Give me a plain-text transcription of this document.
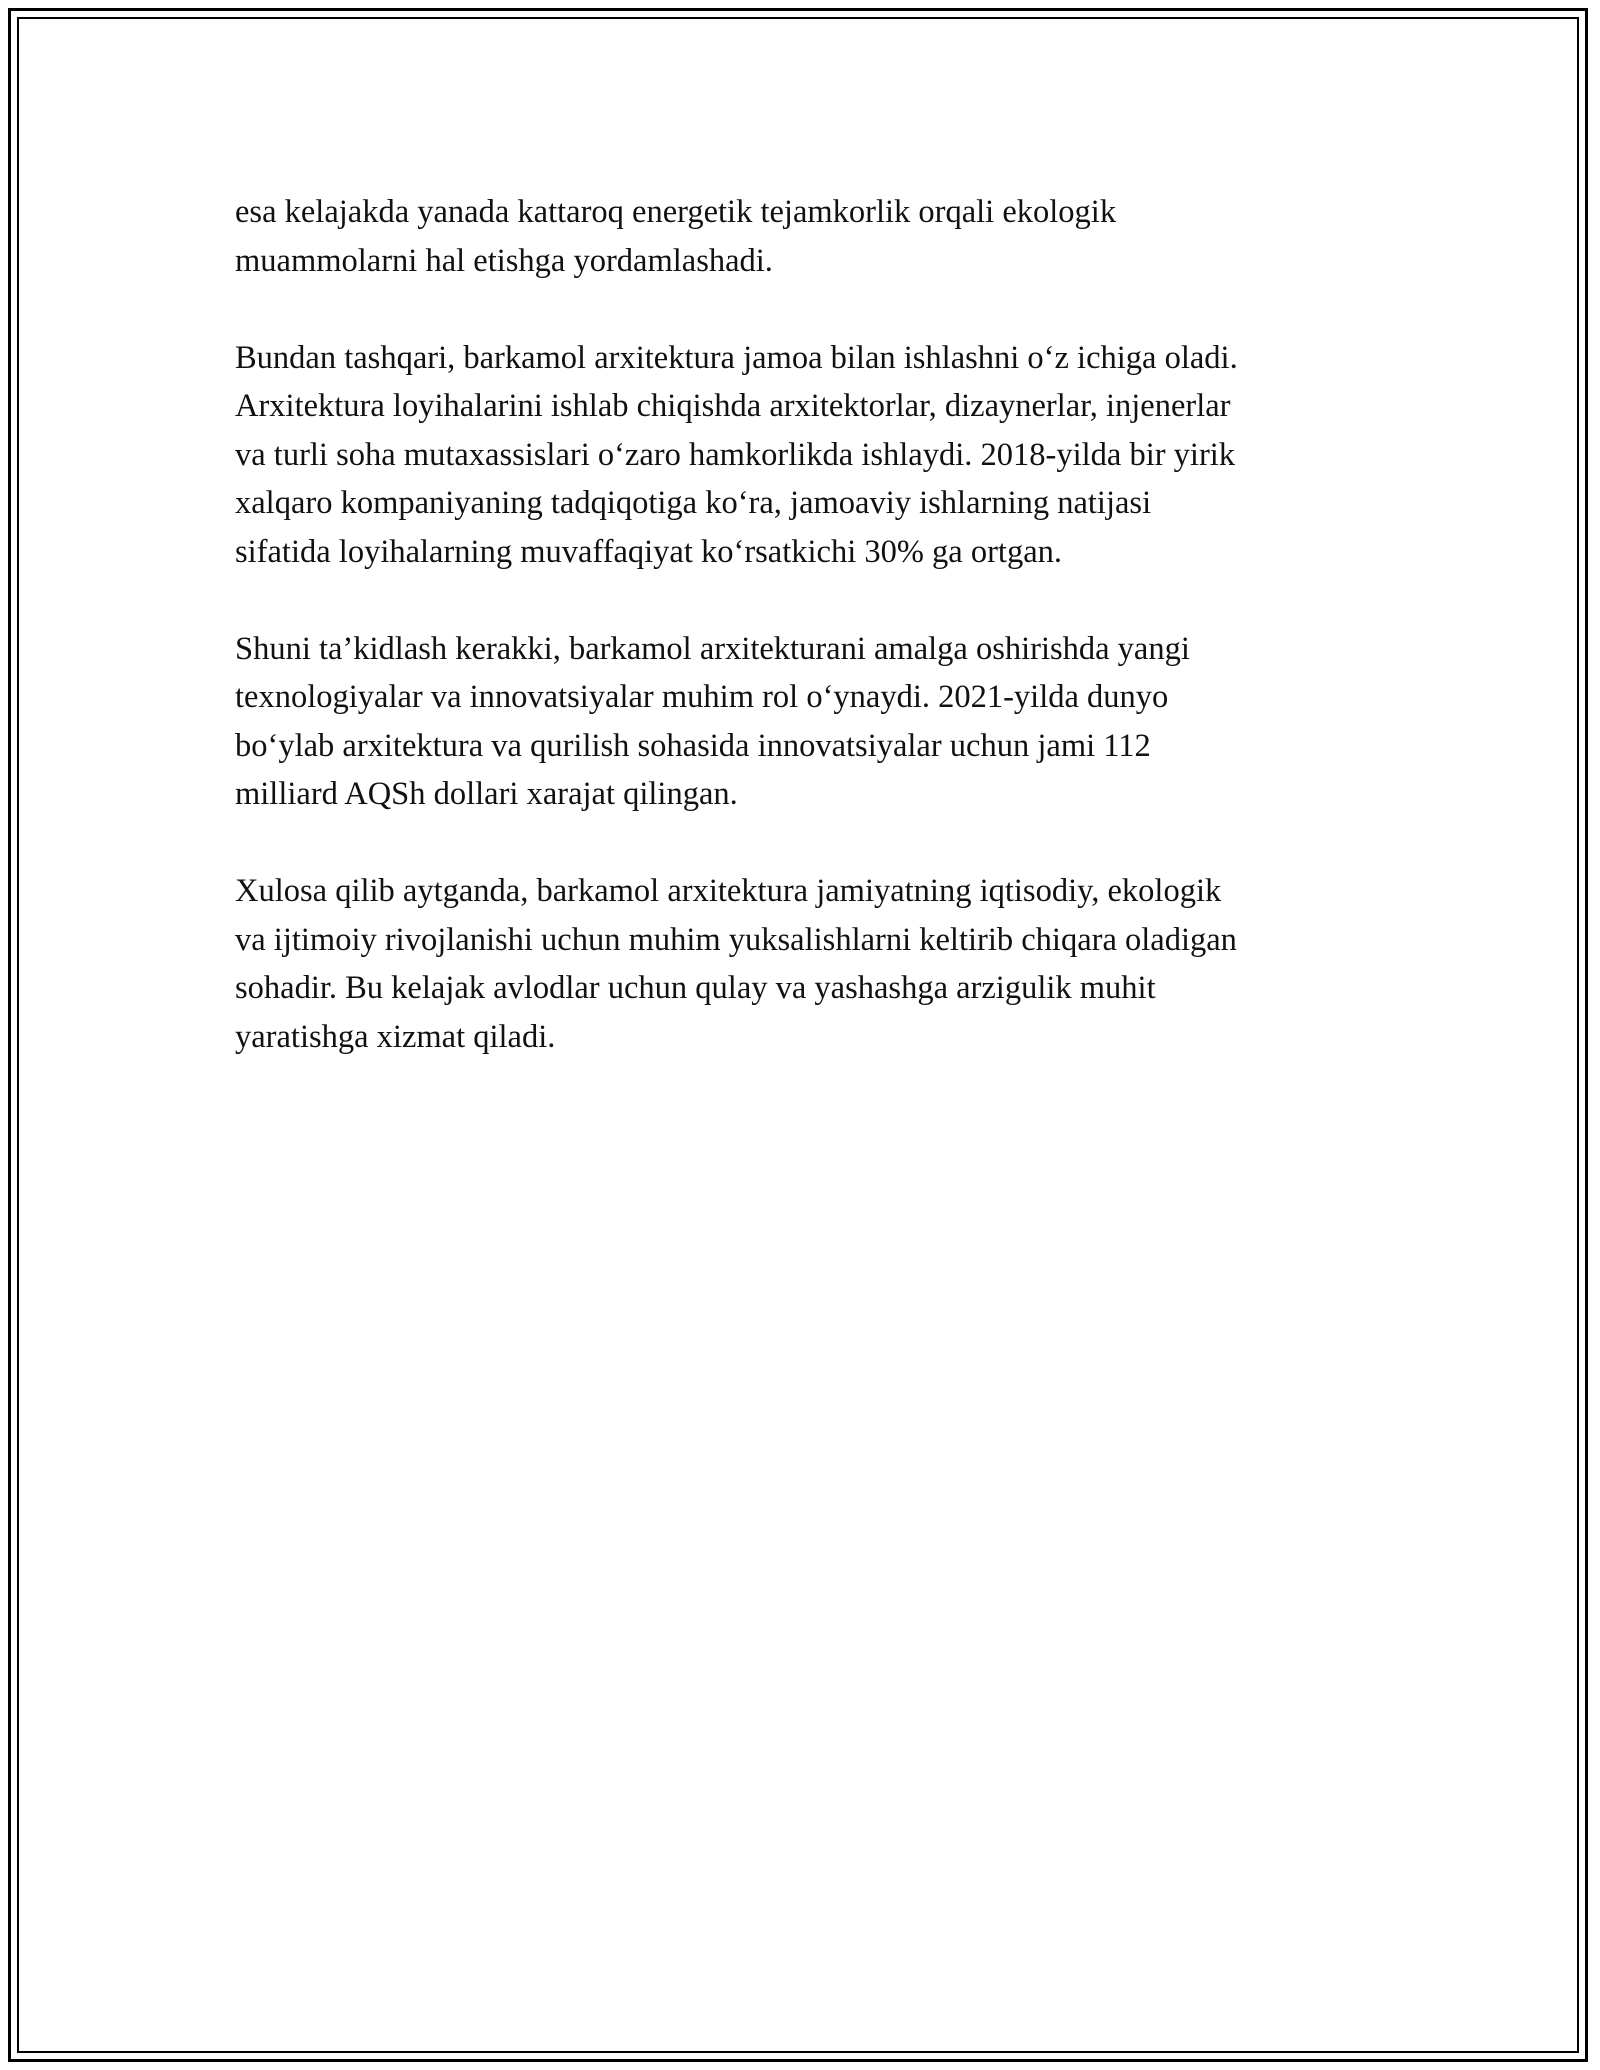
esa kelajakda yanada kattaroq energetik tejamkorlik orqali ekologik
muammolarni hal etishga yordamlashadi.

Bundan tashqari, barkamol arxitektura jamoa bilan ishlashni o‘z ichiga oladi.
Arxitektura loyihalarini ishlab chiqishda arxitektorlar, dizaynerlar, injenerlar
va turli soha mutaxassislari o‘zaro hamkorlikda ishlaydi. 2018-yilda bir yirik
xalqaro kompaniyaning tadqiqotiga ko‘ra, jamoaviy ishlarning natijasi
sifatida loyihalarning muvaffaqiyat ko‘rsatkichi 30% ga ortgan.

Shuni ta’kidlash kerakki, barkamol arxitekturani amalga oshirishda yangi
texnologiyalar va innovatsiyalar muhim rol o‘ynaydi. 2021-yilda dunyo
bo‘ylab arxitektura va qurilish sohasida innovatsiyalar uchun jami 112
milliard AQSh dollari xarajat qilingan.

Xulosa qilib aytganda, barkamol arxitektura jamiyatning iqtisodiy, ekologik
va ijtimoiy rivojlanishi uchun muhim yuksalishlarni keltirib chiqara oladigan
sohadir. Bu kelajak avlodlar uchun qulay va yashashga arzigulik muhit
yaratishga xizmat qiladi.
